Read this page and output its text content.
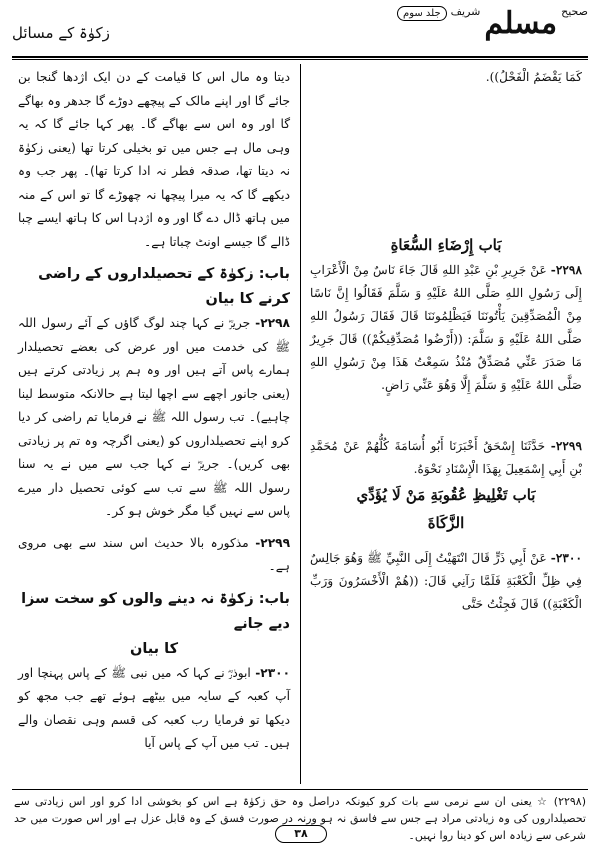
زکوٰۃ کے مسائل
صحیح
مسلم
شریف
جلد سوم

كَمَا يَقْضَمُ الْفَحْلُ)).

بَاب إِرْضَاءِ السُّعَاةِ

۲۲۹۸- عَنْ جَرِيرِ بْنِ عَبْدِ اللهِ قَالَ جَاءَ نَاسٌ مِنْ الْأَعْرَابِ إِلَى رَسُولِ اللهِ صَلَّى اللهُ عَلَيْهِ وَ سَلَّمَ فَقَالُوا إِنَّ نَاسًا مِنْ الْمُصَدِّقِينَ يَأْتُونَنَا فَيَظْلِمُونَنَا قَالَ فَقَالَ رَسُولُ اللهِ صَلَّى اللهُ عَلَيْهِ وَ سَلَّمَ: ((أَرْضُوا مُصَدِّقِيكُمْ)) قَالَ جَرِيرٌ مَا صَدَرَ عَنِّي مُصَدِّقٌ مُنْذُ سَمِعْتُ هَذَا مِنْ رَسُولِ اللهِ صَلَّى اللهُ عَلَيْهِ وَ سَلَّمَ إِلَّا وَهُوَ عَنِّي رَاضٍ.

۲۲۹۹- حَدَّثَنَا إِسْحَقُ أَخْبَرَنَا أَبُو أُسَامَةَ كُلُّهُمْ عَنْ مُحَمَّدِ بْنِ أَبِي إِسْمَعِيلَ بِهَذَا الْإِسْنَادِ نَحْوَهُ.

بَاب تَغْلِيظِ عُقُوبَةِ مَنْ لَا يُؤَدِّي

الزَّكَاةَ

۲۳۰۰- عَنْ أَبِي ذَرٍّ قَالَ انْتَهَيْتُ إِلَى النَّبِيِّ ﷺ وَهُوَ جَالِسٌ فِي ظِلِّ الْكَعْبَةِ فَلَمَّا رَآنِي قَالَ: ((هُمْ الْأَخْسَرُونَ وَرَبِّ الْكَعْبَةِ)) قَالَ فَجِئْتُ حَتَّى

دیتا وہ مال اس کا قیامت کے دن ایک اژدھا گنجا بن جائے گا اور اپنے مالک کے پیچھے دوڑے گا جدھر وہ بھاگے گا اور وہ اس سے بھاگے گا۔ پھر کہا جائے گا کہ یہ وہی مال ہے جس میں تو بخیلی کرتا تھا (یعنی زکوٰۃ نہ دیتا تھا، صدقہ فطر نہ ادا کرتا تھا)۔ پھر جب وہ دیکھے گا کہ یہ میرا پیچھا نہ چھوڑے گا تو اس کے منہ میں ہاتھ ڈال دے گا اور وہ اژدہا اس کا ہاتھ ایسے چبا ڈالے گا جیسے اونٹ چباتا ہے۔

باب: زکوٰۃ کے تحصیلداروں کے راضی کرنے کا بیان

۲۲۹۸- جریرؓ نے کہا چند لوگ گاؤں کے آئے رسول اللہ ﷺ کی خدمت میں اور عرض کی بعضے تحصیلدار ہمارے پاس آتے ہیں اور وہ ہم پر زیادتی کرتے ہیں (یعنی جانور اچھے سے اچھا لیتا ہے حالانکہ متوسط لینا چاہیے)۔ تب رسول اللہ ﷺ نے فرمایا تم راضی کر دیا کرو اپنے تحصیلداروں کو (یعنی اگرچہ وہ تم پر زیادتی بھی کریں)۔ جریرؓ نے کہا جب سے میں نے یہ سنا رسول اللہ ﷺ سے تب سے کوئی تحصیل دار میرے پاس سے نہیں گیا مگر خوش ہو کر۔

۲۲۹۹- مذکورہ بالا حدیث اس سند سے بھی مروی ہے۔

باب: زکوٰۃ نہ دینے والوں کو سخت سزا دیے جانے

کا بیان

۲۳۰۰- ابوذرؓ نے کہا کہ میں نبی ﷺ کے پاس پہنچا اور آپ کعبہ کے سایہ میں بیٹھے ہوئے تھے جب مجھ کو دیکھا تو فرمایا رب کعبہ کی قسم وہی نقصان والے ہیں۔ تب میں آپ کے پاس آیا

(۲۲۹۸) ☆ یعنی ان سے نرمی سے بات کرو کیونکہ دراصل وہ حق زکوٰۃ ہے اس کو بخوشی ادا کرو اور اس زیادتی سے تحصیلداروں کی وہ زیادتی مراد ہے جس سے فاسق نہ ہو ورنہ در صورت فسق کے وہ قابل عزل ہے اور اس صورت میں حد شرعی سے زیادہ اس کو دینا روا نہیں۔
۳۸
